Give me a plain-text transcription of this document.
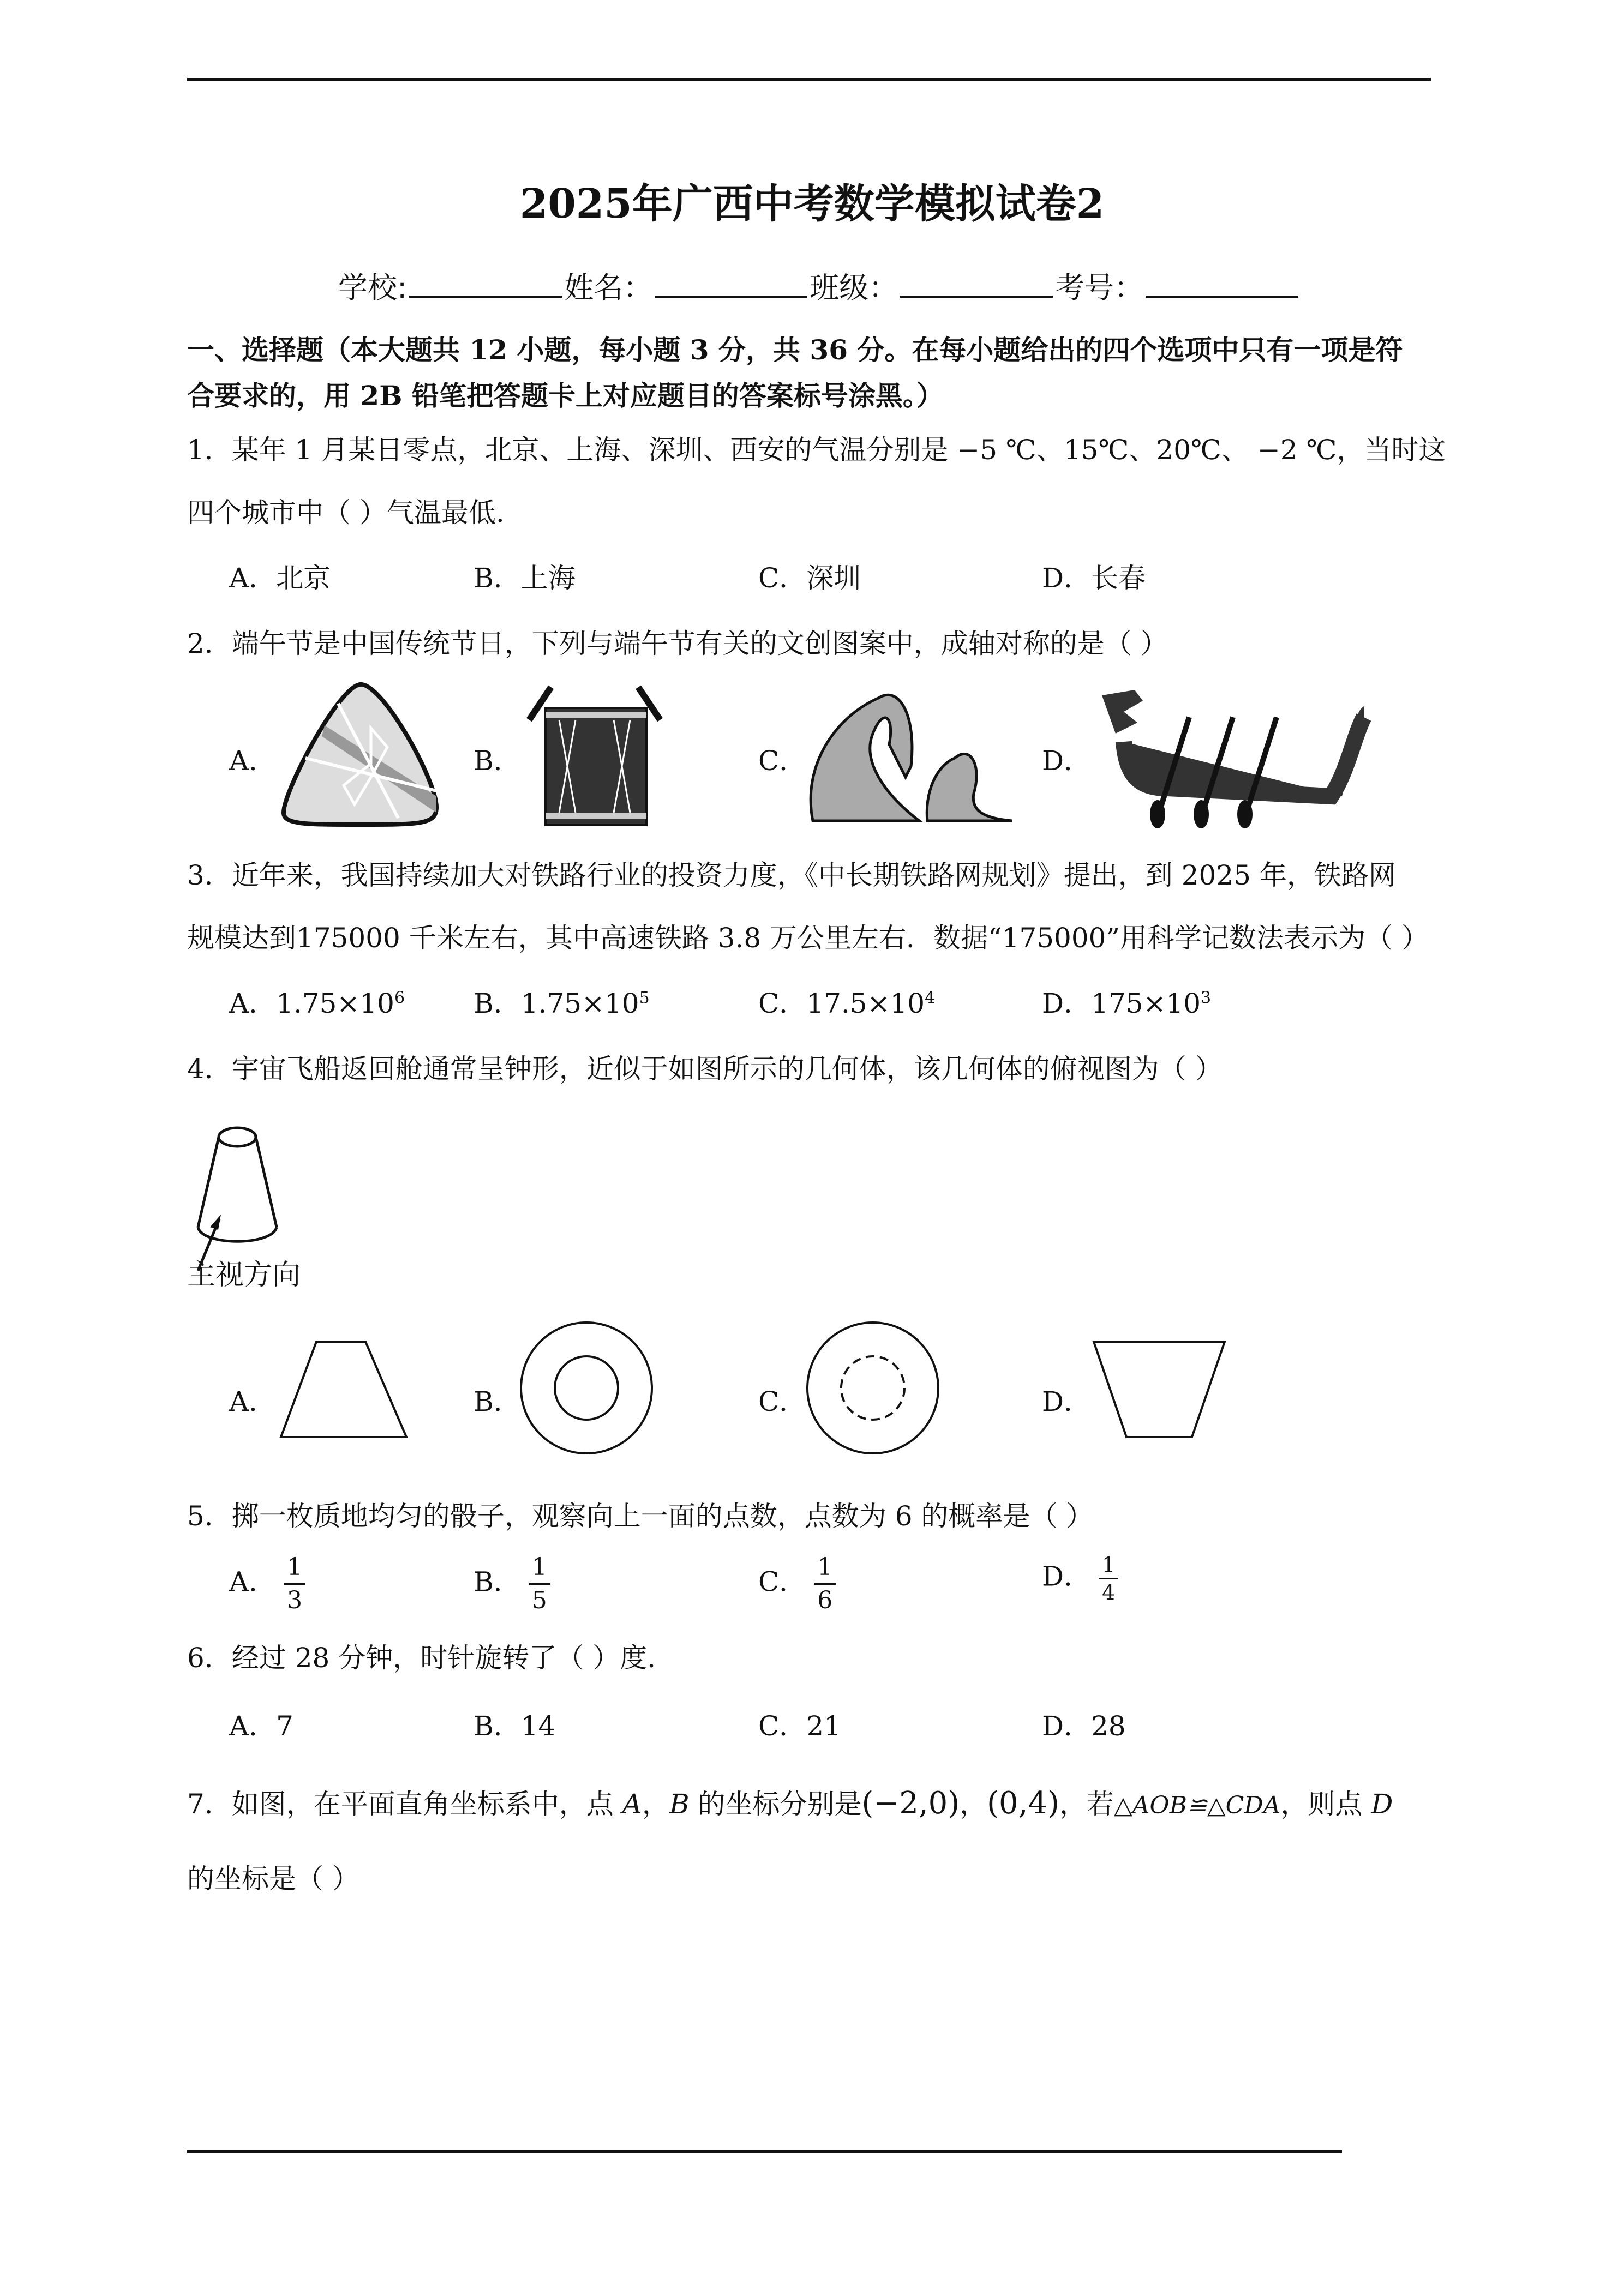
2025年广西中考数学模拟试卷2
学校:	姓名：	班级：	考号：
一、选择题（本大题共 12 小题，每小题 3 分，共 36 分。在每小题给出的四个选项中只有一项是符
合要求的，用 2B 铅笔把答题卡上对应题目的答案标号涂黑。）
1．某年 1 月某日零点，北京、上海、深圳、西安的气温分别是 −5 ℃、15℃、20℃、 −2 ℃，当时这
四个城市中（ ）气温最低.
A．北京	B．上海	C．深圳	D．长春
2．端午节是中国传统节日，下列与端午节有关的文创图案中，成轴对称的是（ ）
A．	B．	C．	D．
3．近年来，我国持续加大对铁路行业的投资力度，《中长期铁路网规划》提出，到 2025 年，铁路网
规模达到175000 千米左右，其中高速铁路 3.8 万公里左右．数据“175000”用科学记数法表示为（ ）
A．$1.75\times 10^6$	B．$1.75\times 10^5$	C．$17.5\times 10^4$	D．$175\times 10^3$
4．宇宙飞船返回舱通常呈钟形，近似于如图所示的几何体，该几何体的俯视图为（ ）
主视方向
A．	B．	C．	D．
5．掷一枚质地均匀的骰子，观察向上一面的点数，点数为 6 的概率是（ ）
A． $\frac{1}{3}$	B． $\frac{1}{5}$	C． $\frac{1}{6}$	D． $\frac{1}{4}$
6．经过 28 分钟，时针旋转了（ ）度.
A．7	B．14	C．21	D．28
7．如图，在平面直角坐标系中，点 A，B 的坐标分别是(−2,0)，(0,4)，若△AOB≌△CDA，则点 D
的坐标是（ ）
